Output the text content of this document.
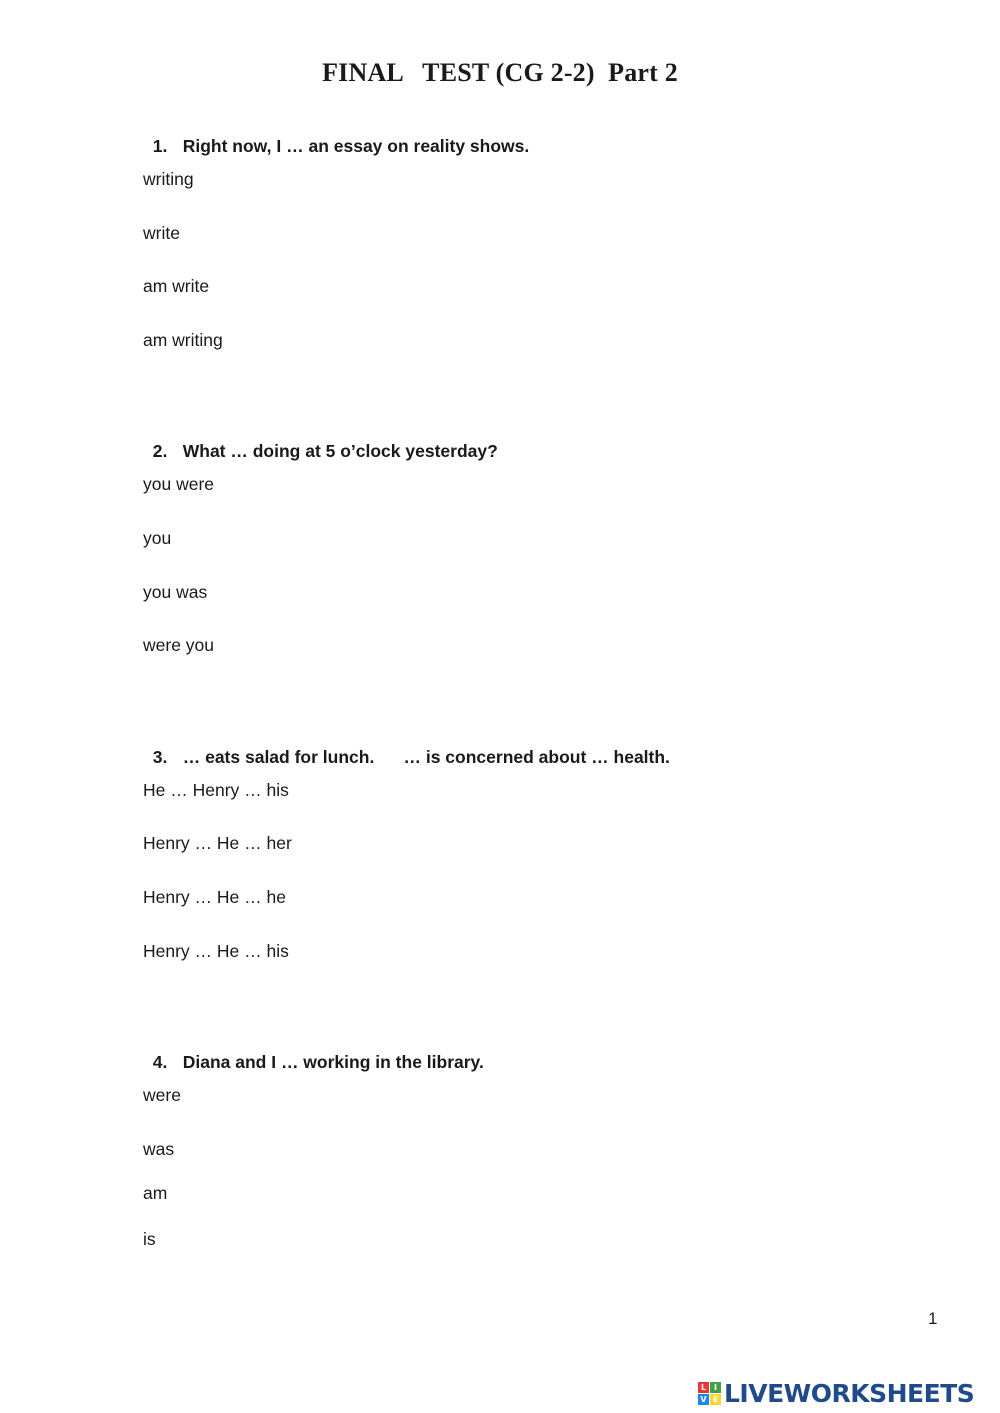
FINAL   TEST (CG 2-2)  Part 2

1. Right now, I … an essay on reality shows.

writing
write
am write
am writing

2. What … doing at 5 o’clock yesterday?

you were
you
you was
were you

3. … eats salad for lunch.      … is concerned about … health.

He … Henry … his
Henry … He … her
Henry … He … he
Henry … He … his

4. Diana and I … working in the library.

were
was
am
is
1
L I
V E LIVEWORKSHEETS
